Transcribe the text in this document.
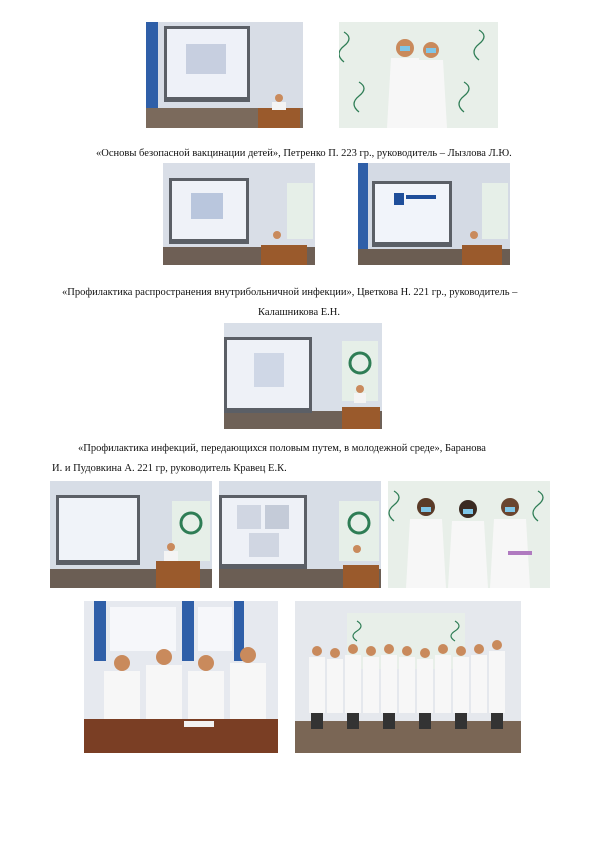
«Основы безопасной вакцинации детей», Петренко П. 223 гр., руководитель – Лызлова Л.Ю.
«Профилактика распространения внутрибольничной инфекции», Цветкова Н. 221 гр., руководитель –
Калашникова Е.Н.
«Профилактика инфекций, передающихся половым путем, в молодежной среде», Баранова
И. и Пудовкина А. 221 гр, руководитель Кравец Е.К.
